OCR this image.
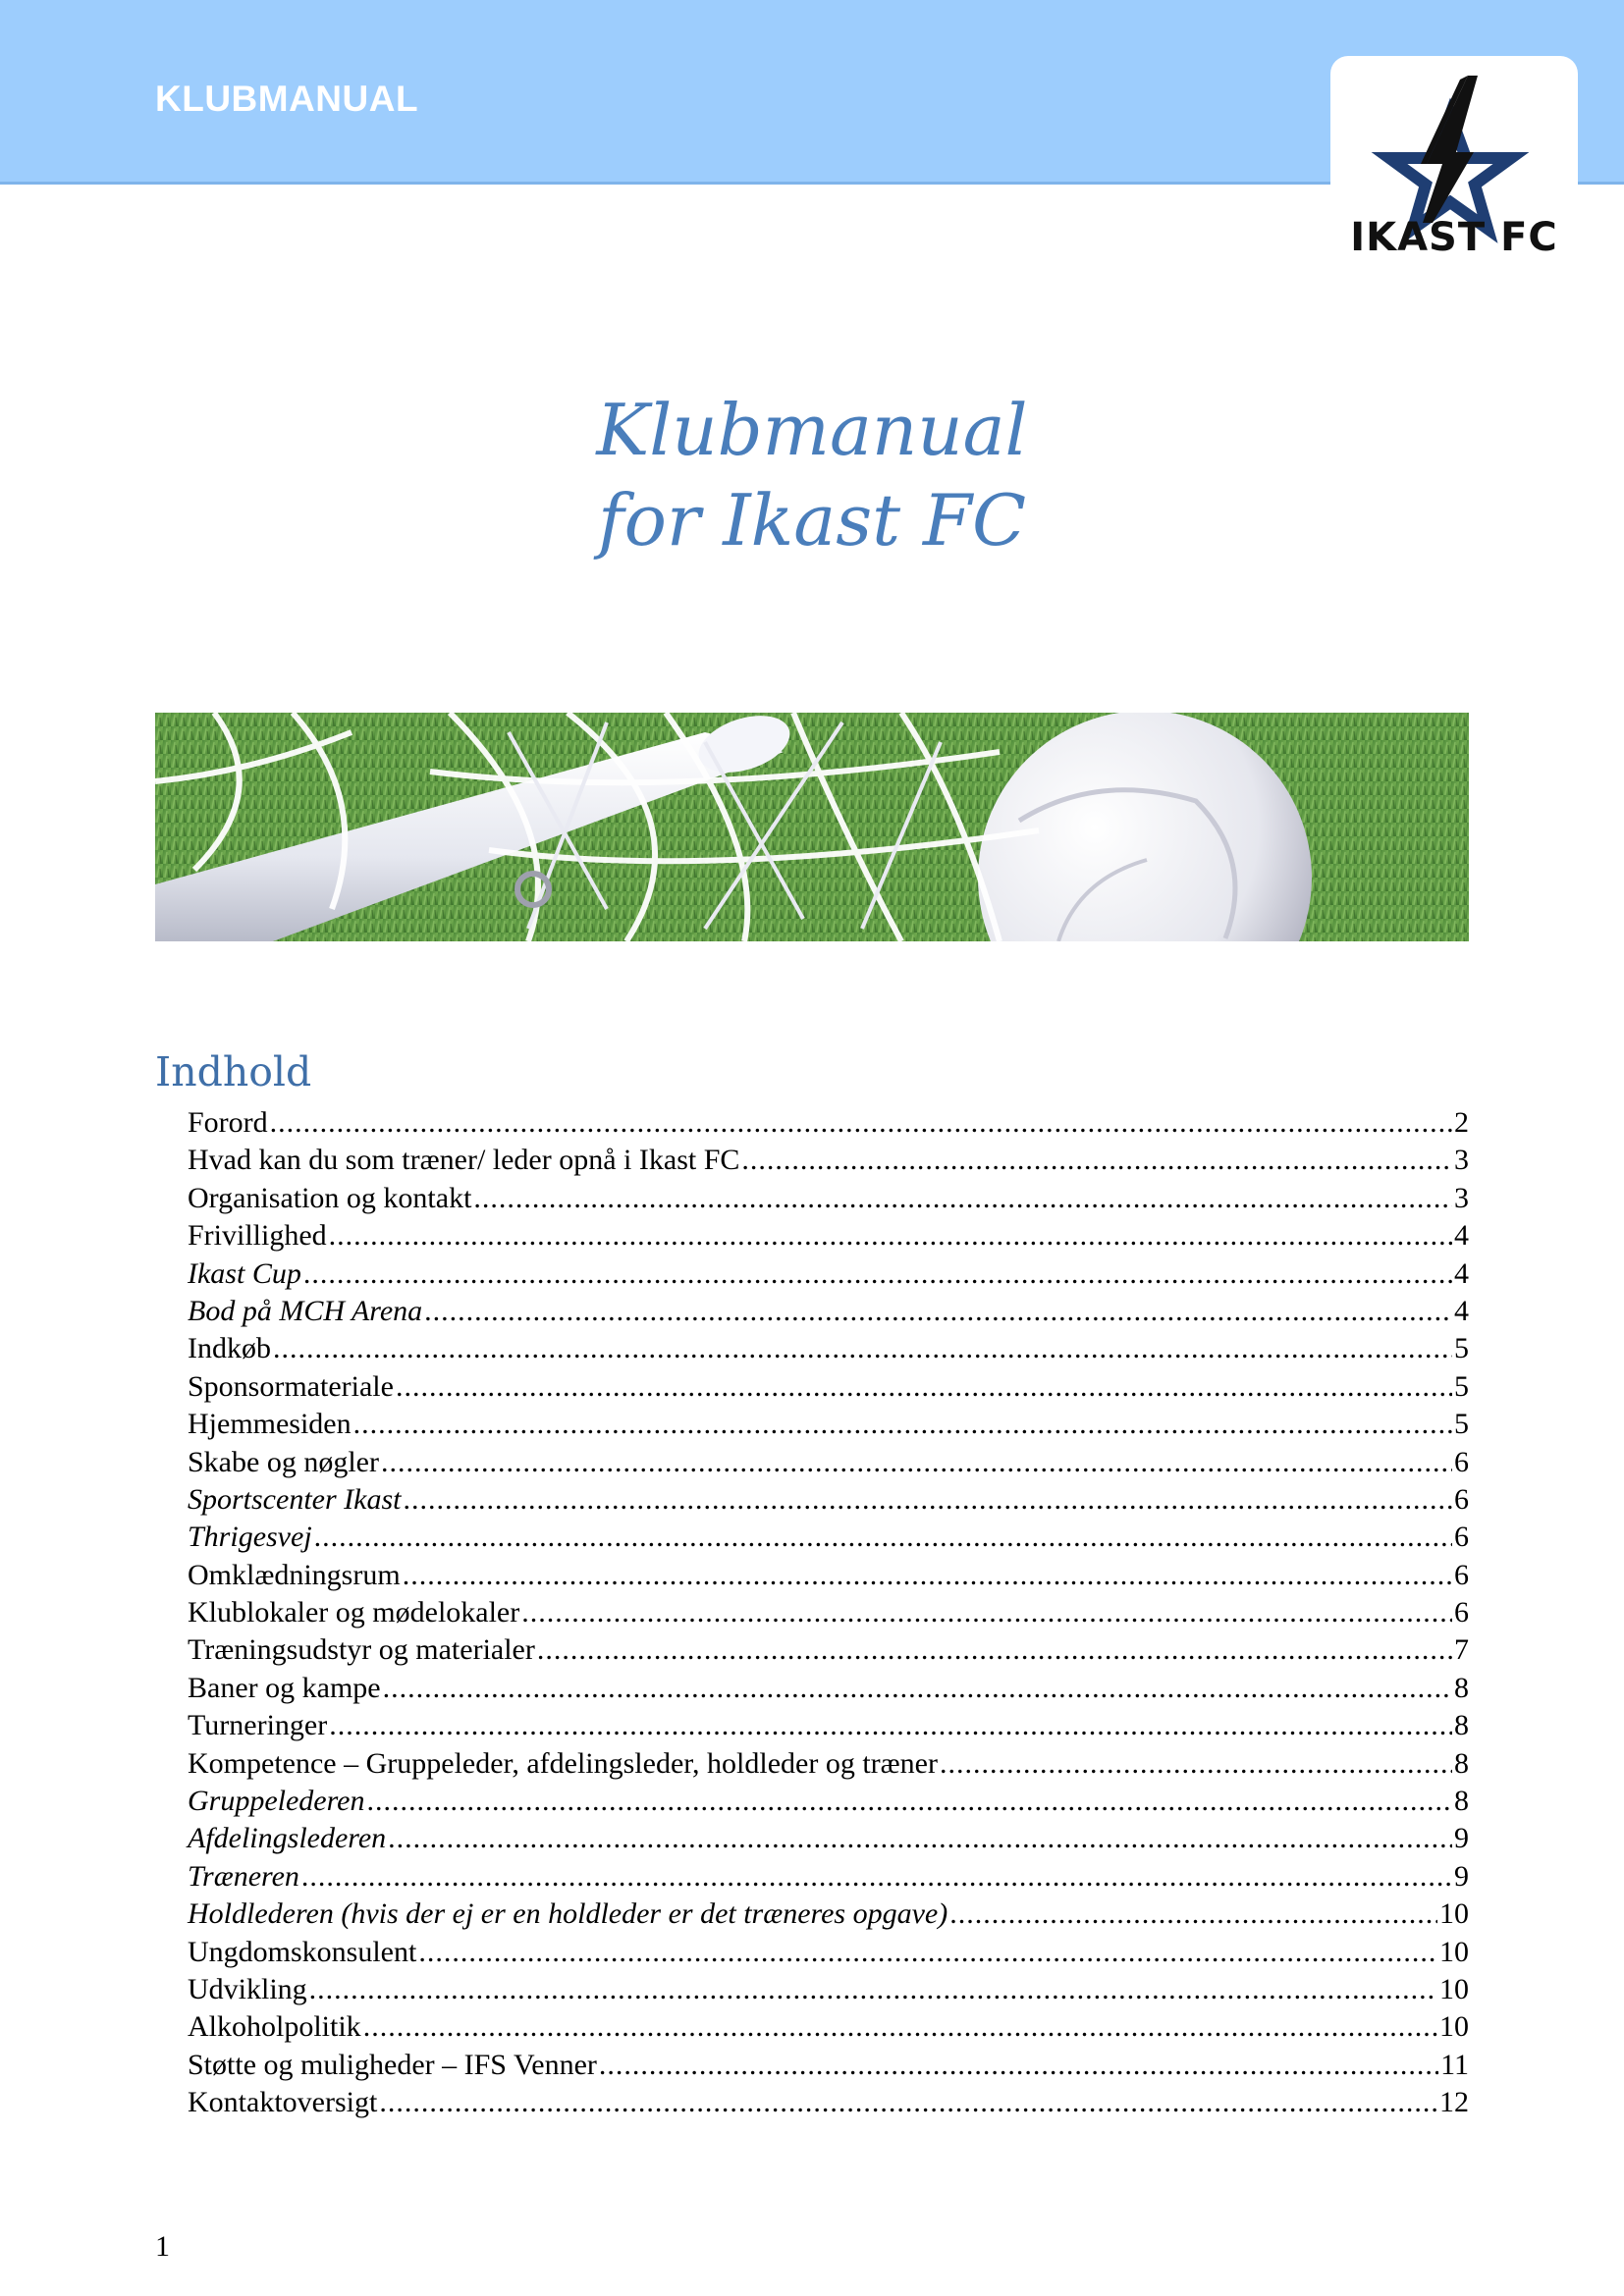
KLUBMANUAL
IKAST FC
Klubmanual
for Ikast FC
Indhold
Forord .....	2
Hvad kan du som træner/ leder opnå i Ikast FC .....	3
Organisation og kontakt .....	3
Frivillighed .....	4
Ikast Cup .....	4
Bod på MCH Arena .....	4
Indkøb .....	5
Sponsormateriale .....	5
Hjemmesiden .....	5
Skabe og nøgler .....	6
Sportscenter Ikast .....	6
Thrigesvej .....	6
Omklædningsrum .....	6
Klublokaler og mødelokaler .....	6
Træningsudstyr og materialer .....	7
Baner og kampe .....	8
Turneringer .....	8
Kompetence – Gruppeleder, afdelingsleder, holdleder og træner .....	8
Gruppelederen .....	8
Afdelingslederen .....	9
Træneren .....	9
Holdlederen (hvis der ej er en holdleder er det træneres opgave) .....	10
Ungdomskonsulent .....	10
Udvikling .....	10
Alkoholpolitik .....	10
Støtte og muligheder – IFS Venner .....	11
Kontaktoversigt .....	12
1
